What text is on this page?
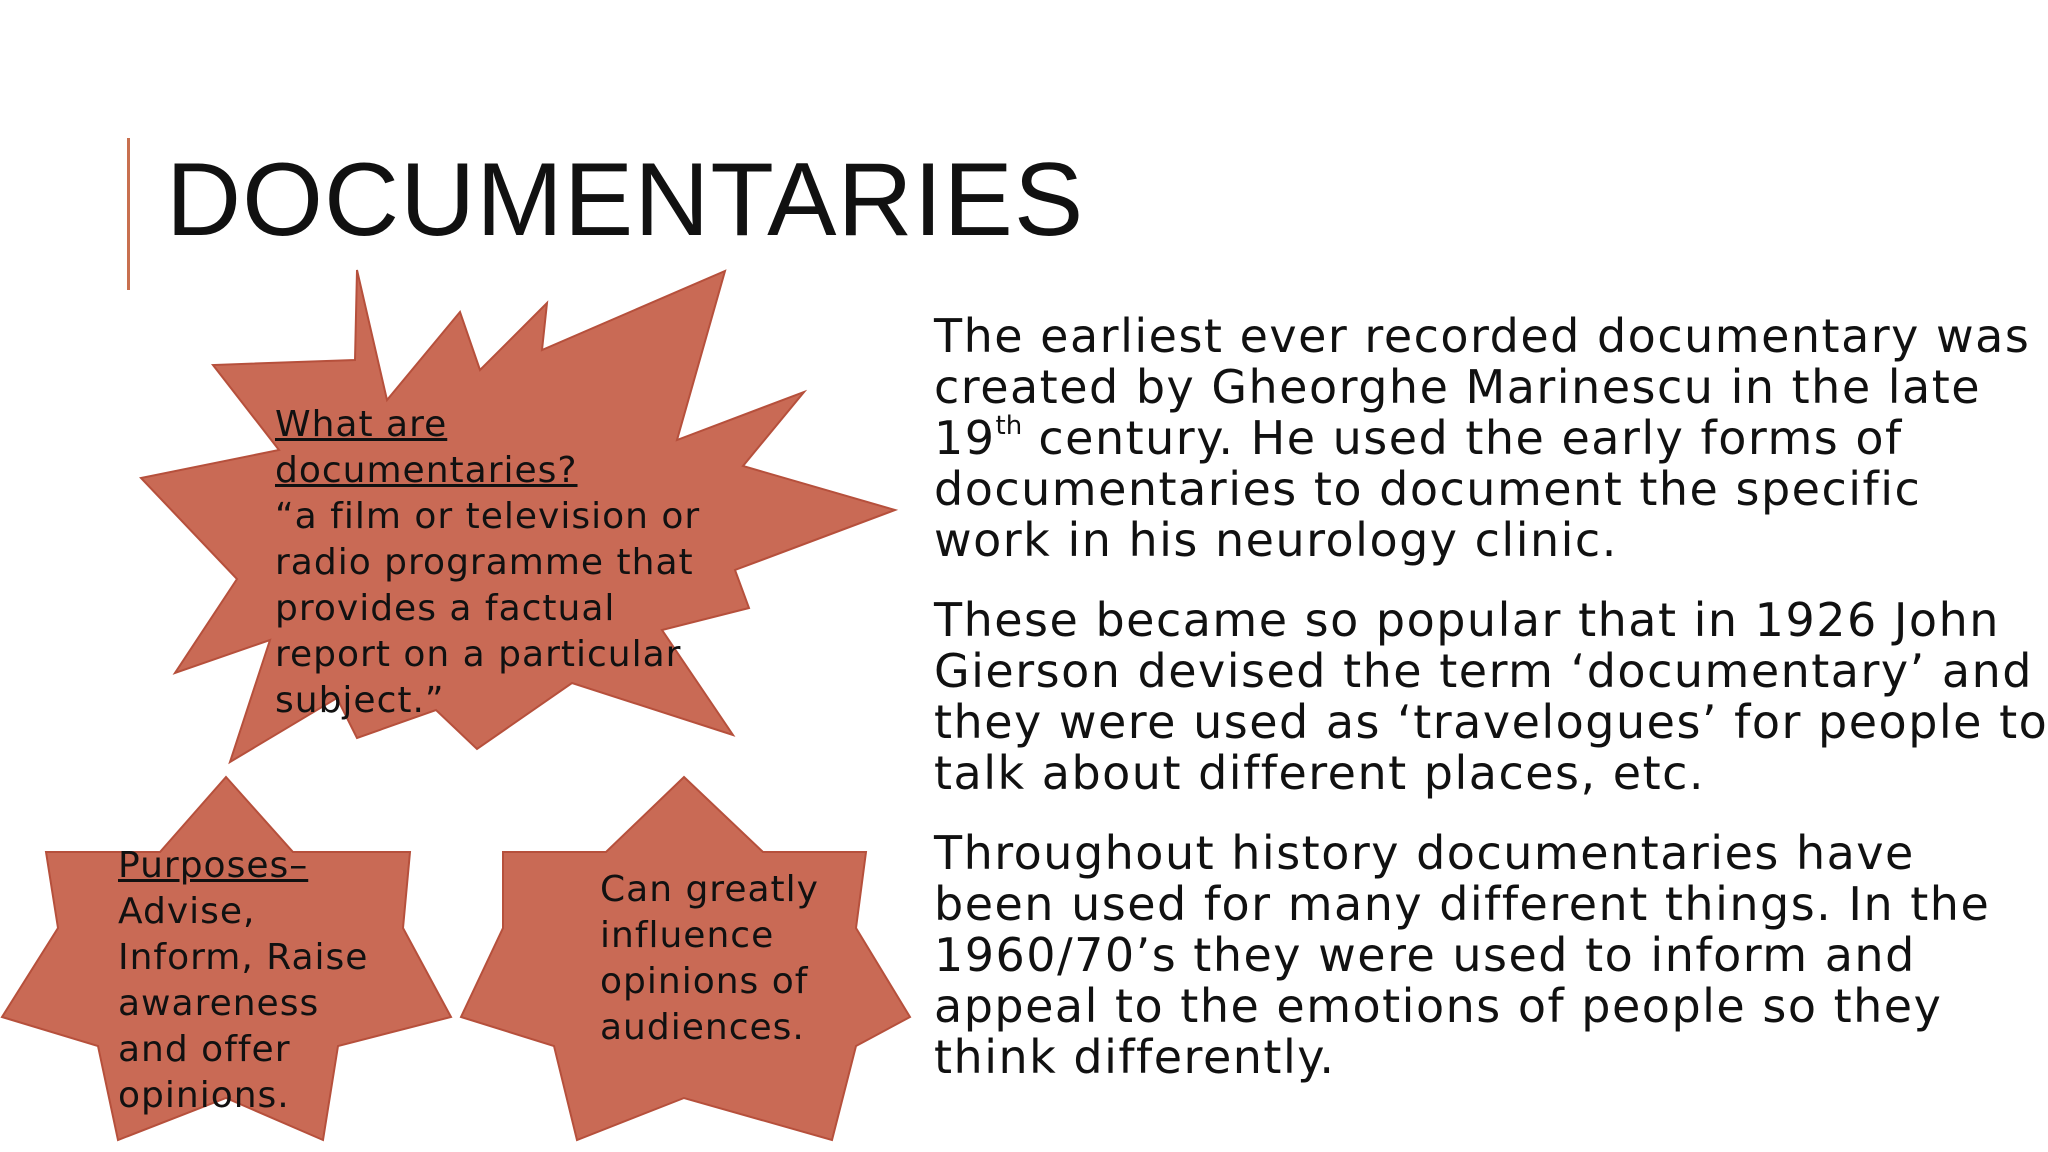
DOCUMENTARIES
What are
documentaries?
“a film or television or
radio programme that
provides a factual
report on a particular
subject.”
Purposes–
Advise,
Inform, Raise
awareness
and offer
opinions.
Can greatly
influence
opinions of
audiences.

The earliest ever recorded documentary was
created by Gheorghe Marinescu in the late
19th century. He used the early forms of
documentaries to document the specific
work in his neurology clinic.

These became so popular that in 1926 John
Gierson devised the term ‘documentary’ and
they were used as ‘travelogues’ for people to
talk about different places, etc.

Throughout history documentaries have
been used for many different things. In the
1960/70’s they were used to inform and
appeal to the emotions of people so they
think differently.
